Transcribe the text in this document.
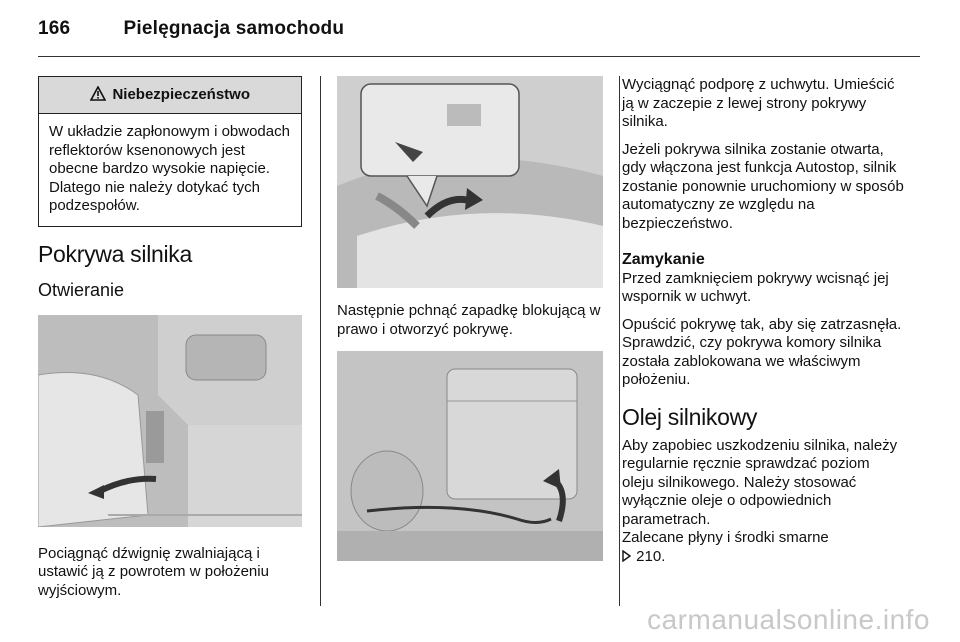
166	Pielęgnacja samochodu
Niebezpieczeństwo
W układzie zapłonowym i obwodach reflektorów ksenonowych jest obecne bardzo wysokie napięcie. Dlatego nie należy dotykać tych podzespołów.
Pokrywa silnika
Otwieranie

Pociągnąć dźwignię zwalniającą i ustawić ją z powrotem w położeniu wyjściowym.

Następnie pchnąć zapadkę blokującą w prawo i otworzyć pokrywę.

Wyciągnąć podporę z uchwytu. Umieścić ją w zaczepie z lewej strony pokrywy silnika.

Jeżeli pokrywa silnika zostanie otwarta, gdy włączona jest funkcja Autostop, silnik zostanie ponownie uruchomiony w sposób automatyczny ze względu na bezpieczeństwo.

Zamykanie

Przed zamknięciem pokrywy wcisnąć jej wspornik w uchwyt.

Opuścić pokrywę tak, aby się zatrzasnęła. Sprawdzić, czy pokrywa komory silnika została zablokowana we właściwym położeniu.

Olej silnikowy

Aby zapobiec uszkodzeniu silnika, należy regularnie ręcznie sprawdzać poziom oleju silnikowego. Należy stosować wyłącznie oleje o odpowiednich parametrach.

Zalecane płyny i środki smarne

210.

carmanualsonline.info
